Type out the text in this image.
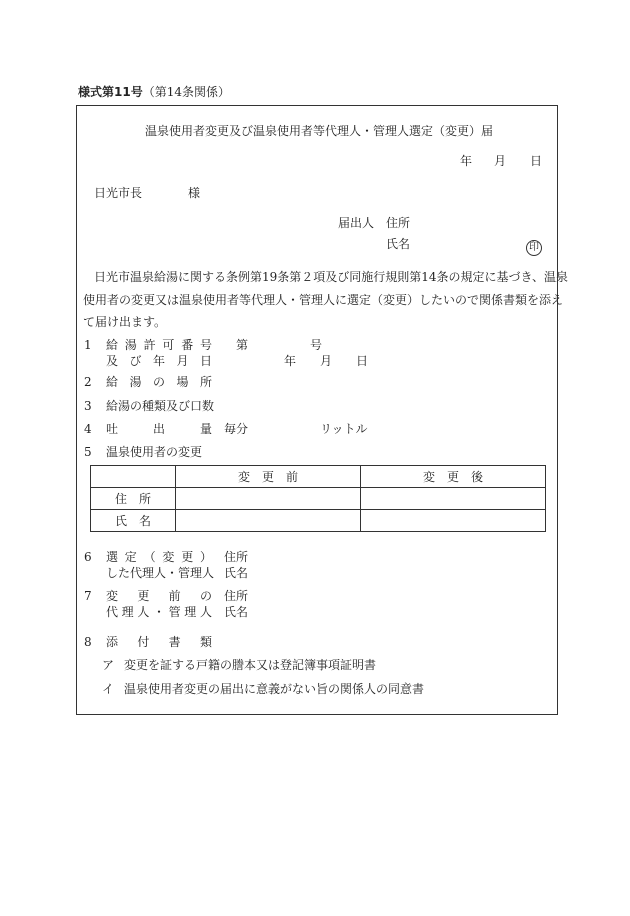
様式第11号（第14条関係）
温泉使用者変更及び温泉使用者等代理人・管理人選定（変更）届
年 月 日
日光市長	様
届出人 住所
氏名	印
日光市温泉給湯に関する条例第19条第２項及び同施行規則第14条の規定に基づき、温泉
使用者の変更又は温泉使用者等代理人・管理人に選定（変更）したいので関係書類を添え
て届け出ます。
1 給 湯 許 可 番 号
及 び 年 月 日
第	号
年 月 日
2 給 湯 の 場 所
3 給湯の種類及び口数
4 吐	出	量 毎分	リットル
5 温泉使用者の変更
	変　更　前	変　更　後
住　所		
氏　名		
6 選 定 （ 変 更 ）
した代理人・管理人
住所
氏名
7 変 更 前 の
代 理 人 ・ 管 理 人
住所
氏名
8 添 付 書 類
ア 変更を証する戸籍の謄本又は登記簿事項証明書
イ 温泉使用者変更の届出に意義がない旨の関係人の同意書
